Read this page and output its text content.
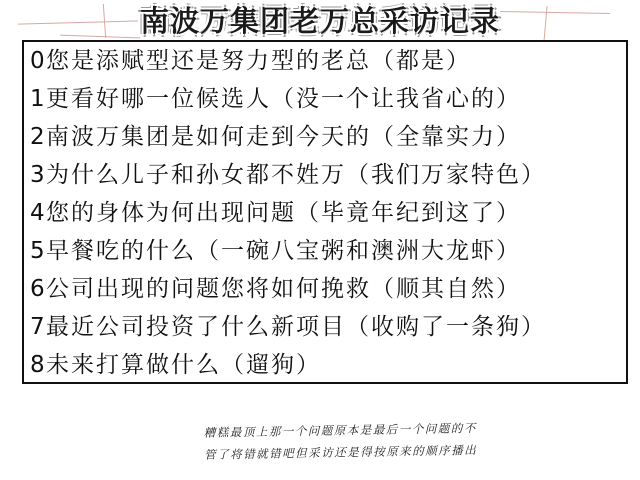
南波万集团老万总采访记录
0 您是添赋型还是努力型的老总（都是）
1 更看好哪一位候选人（没一个让我省心的）
2 南波万集团是如何走到今天的（全靠实力）
3 为什么儿子和孙女都不姓万（我们万家特色）
4 您的身体为何出现问题（毕竟年纪到这了）
5 早餐吃的什么（一碗八宝粥和澳洲大龙虾）
6 公司出现的问题您将如何挽救（顺其自然）
7 最近公司投资了什么新项目（收购了一条狗）
8 未来打算做什么（遛狗）
糟糕最顶上那一个问题原本是最后一个问题的不
管了将错就错吧但采访还是得按原来的顺序播出
